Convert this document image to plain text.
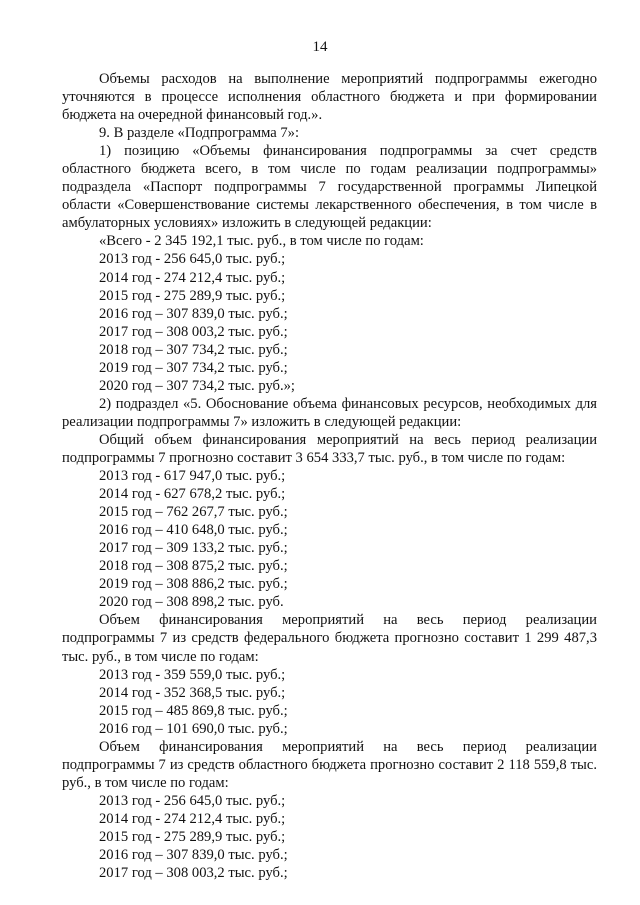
14

Объемы расходов на выполнение мероприятий подпрограммы ежегодно уточняются в процессе исполнения областного бюджета и при формировании бюджета на очередной финансовый год.».

9. В разделе «Подпрограмма 7»:

1) позицию «Объемы финансирования подпрограммы за счет средств областного бюджета всего, в том числе по годам реализации подпрограммы» подраздела «Паспорт подпрограммы 7 государственной программы Липецкой области «Совершенствование системы лекарственного обеспечения, в том числе в амбулаторных условиях» изложить в следующей редакции:

«Всего - 2 345 192,1 тыс. руб., в том числе по годам:

2013 год - 256 645,0 тыс. руб.;

2014 год - 274 212,4 тыс. руб.;

2015 год - 275 289,9 тыс. руб.;

2016 год – 307 839,0 тыс. руб.;

2017 год – 308 003,2 тыс. руб.;

2018 год – 307 734,2 тыс. руб.;

2019 год – 307 734,2 тыс. руб.;

2020 год – 307 734,2 тыс. руб.»;

2) подраздел «5. Обоснование объема финансовых ресурсов, необходимых для реализации подпрограммы 7» изложить в следующей редакции:

Общий объем финансирования мероприятий на весь период реализации подпрограммы 7 прогнозно составит 3 654 333,7 тыс. руб., в том числе по годам:

2013 год - 617 947,0 тыс. руб.;

2014 год - 627 678,2 тыс. руб.;

2015 год – 762 267,7 тыс. руб.;

2016 год – 410 648,0 тыс. руб.;

2017 год – 309 133,2 тыс. руб.;

2018 год – 308 875,2 тыс. руб.;

2019 год – 308 886,2 тыс. руб.;

2020 год – 308 898,2 тыс. руб.

Объем финансирования мероприятий на весь период реализации подпрограммы 7 из средств федерального бюджета прогнозно составит 1 299 487,3 тыс. руб., в том числе по годам:

2013 год - 359 559,0 тыс. руб.;

2014 год - 352 368,5 тыс. руб.;

2015 год – 485 869,8 тыс. руб.;

2016 год – 101 690,0 тыс. руб.;

Объем финансирования мероприятий на весь период реализации подпрограммы 7 из средств областного бюджета прогнозно составит 2 118 559,8 тыс. руб., в том числе по годам:

2013 год - 256 645,0 тыс. руб.;

2014 год - 274 212,4 тыс. руб.;

2015 год - 275 289,9 тыс. руб.;

2016 год – 307 839,0 тыс. руб.;

2017 год – 308 003,2 тыс. руб.;
